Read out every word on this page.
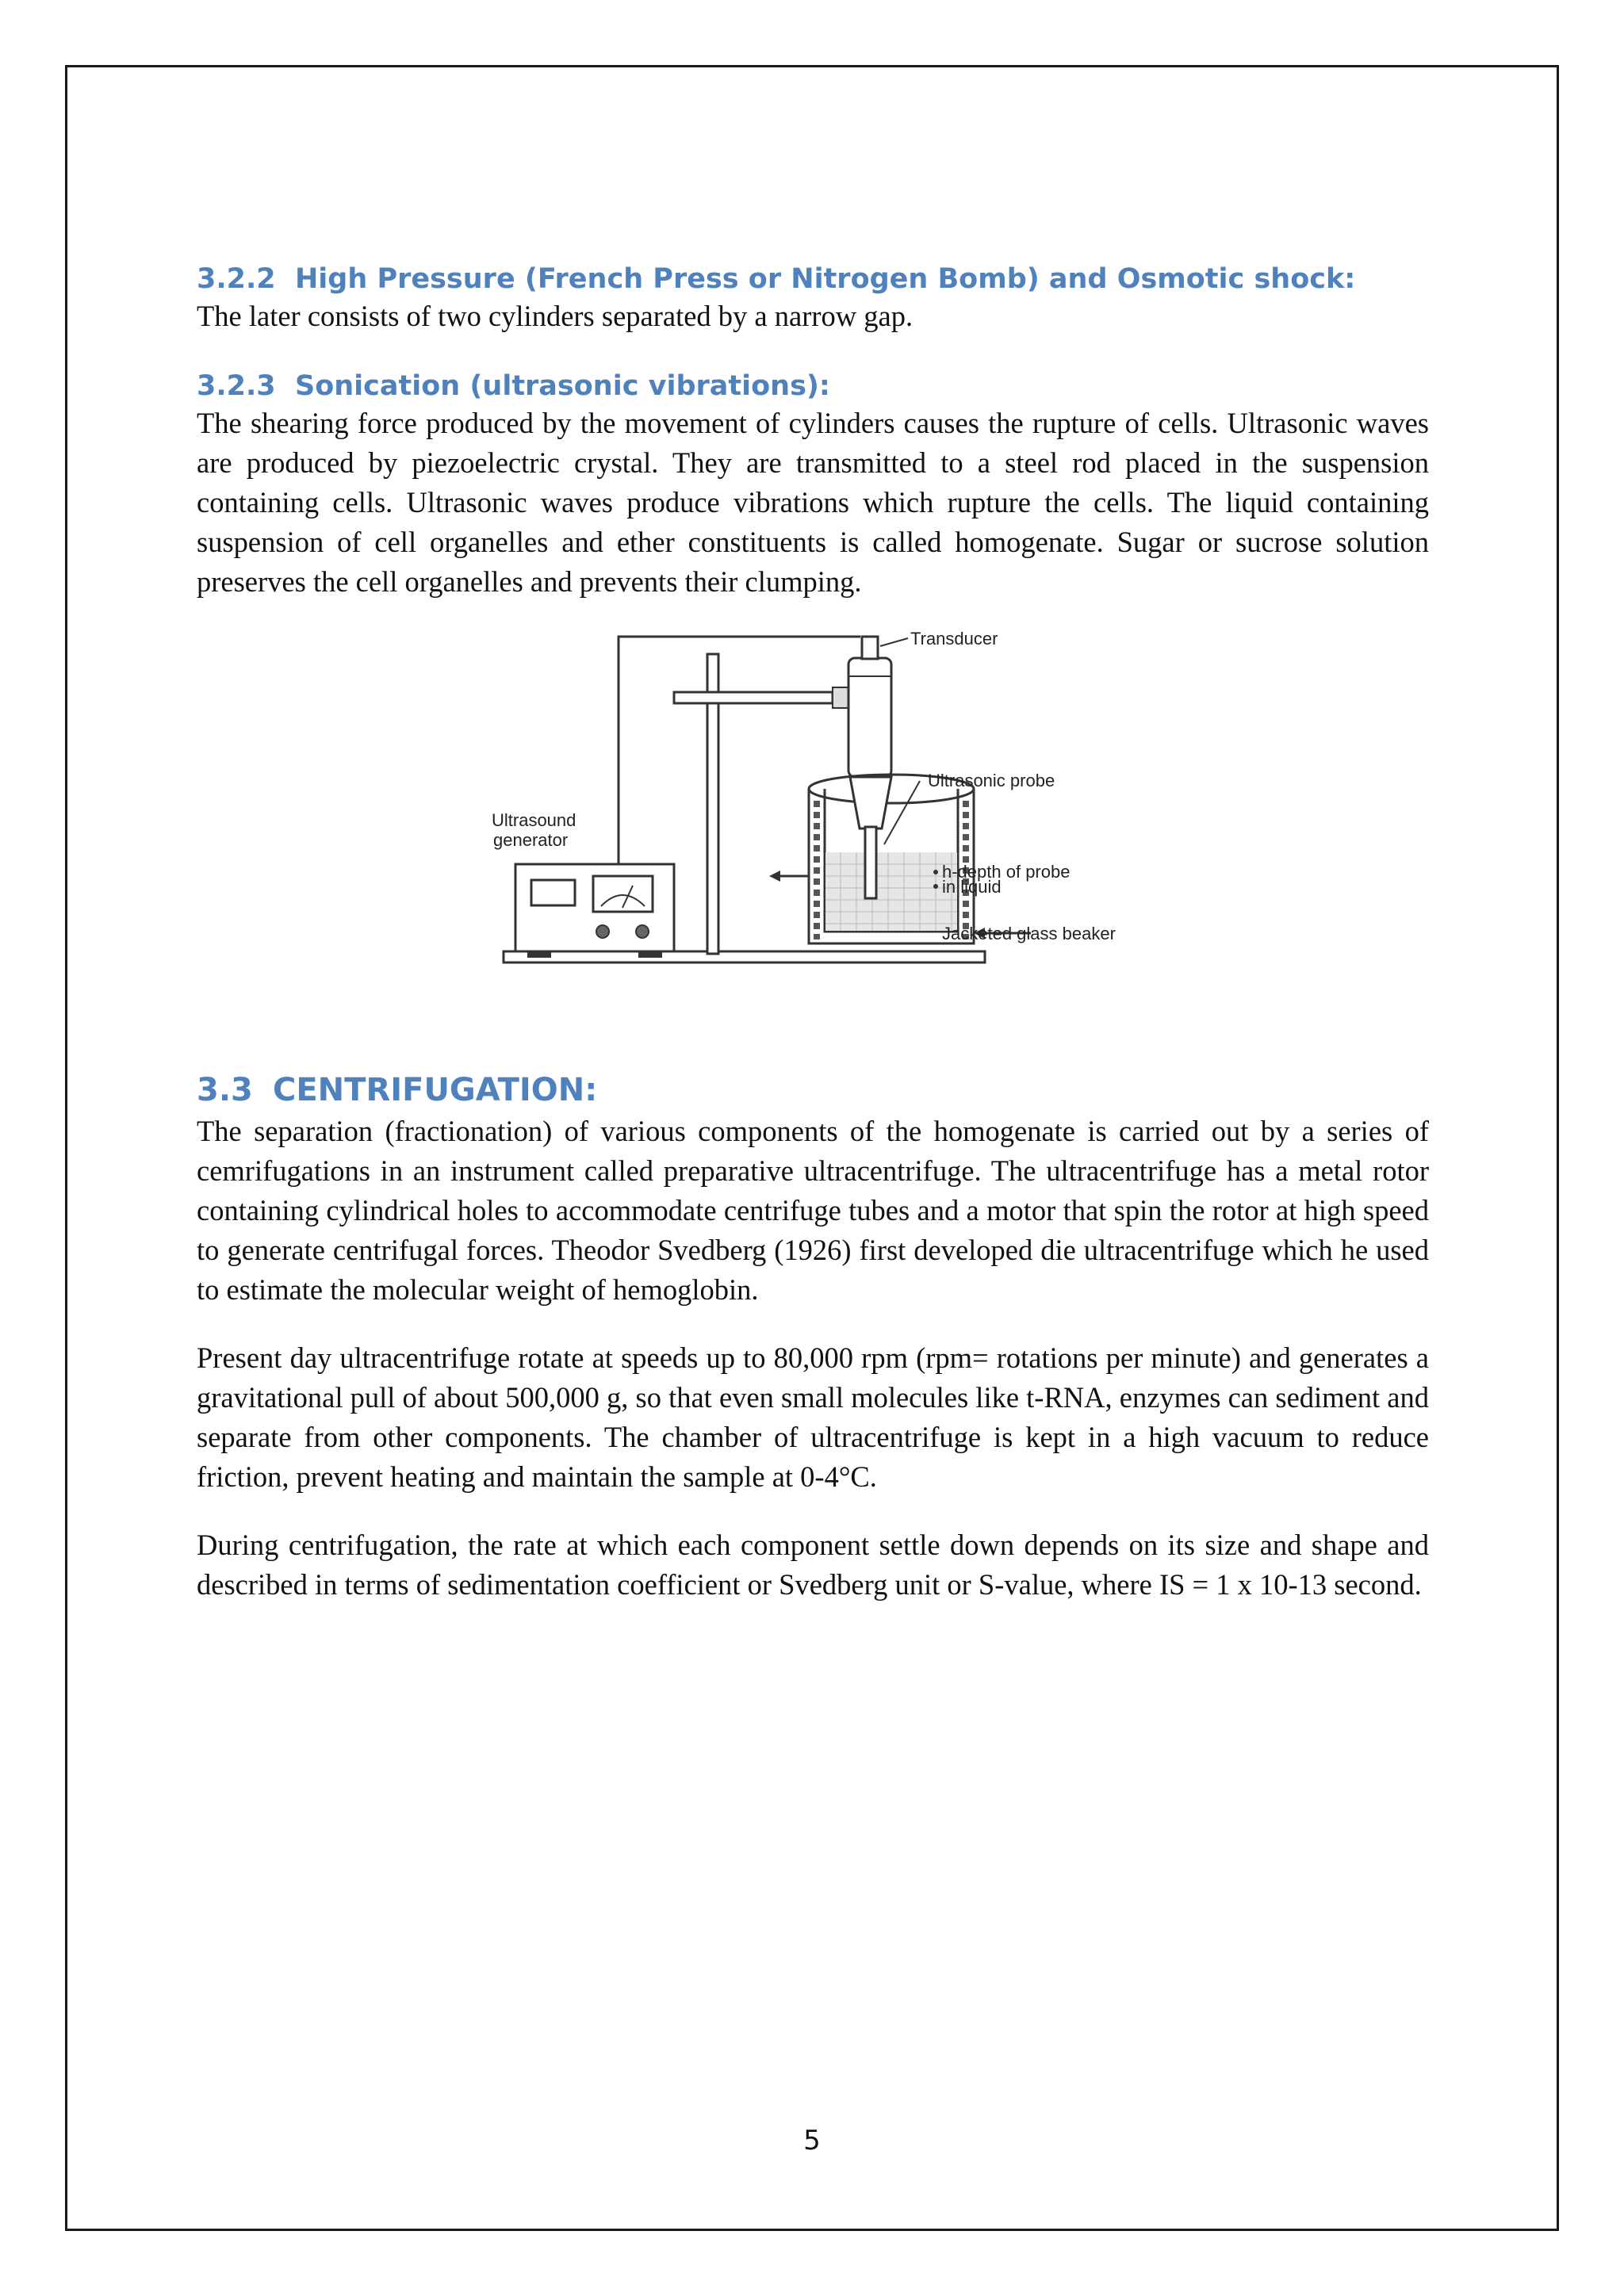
3.2.2 High Pressure (French Press or Nitrogen Bomb) and Osmotic shock:

The later consists of two cylinders separated by a narrow gap.

3.2.3 Sonication (ultrasonic vibrations):

The shearing force produced by the movement of cylinders causes the rupture of cells. Ultrasonic waves are produced by piezoelectric crystal. They are transmitted to a steel rod placed in the suspension containing cells. Ultrasonic waves produce vibrations which rupture the cells. The liquid containing suspension of cell organelles and ether constituents is called homogenate. Sugar or sucrose solution preserves the cell organelles and prevents their clumping.

Transducer
Ultrasonic probe
Ultrasound
generator
h-depth of probe
in liquid
Jacketed glass beaker
3.3 CENTRIFUGATION:

The separation (fractionation) of various components of the homogenate is carried out by a series of cemrifugations in an instrument called preparative ultracentrifuge. The ultracentrifuge has a metal rotor containing cylindrical holes to accommodate centrifuge tubes and a motor that spin the rotor at high speed to generate centrifugal forces. Theodor Svedberg (1926) first developed die ultracentrifuge which he used to estimate the molecular weight of hemoglobin.

Present day ultracentrifuge rotate at speeds up to 80,000 rpm (rpm= rotations per minute) and generates a gravitational pull of about 500,000 g, so that even small molecules like t-RNA, enzymes can sediment and separate from other components. The chamber of ultracentrifuge is kept in a high vacuum to reduce friction, prevent heating and maintain the sample at 0-4°C.

During centrifugation, the rate at which each component settle down depends on its size and shape and described in terms of sedimentation coefficient or Svedberg unit or S-value, where IS = 1 x 10-13 second.

5
